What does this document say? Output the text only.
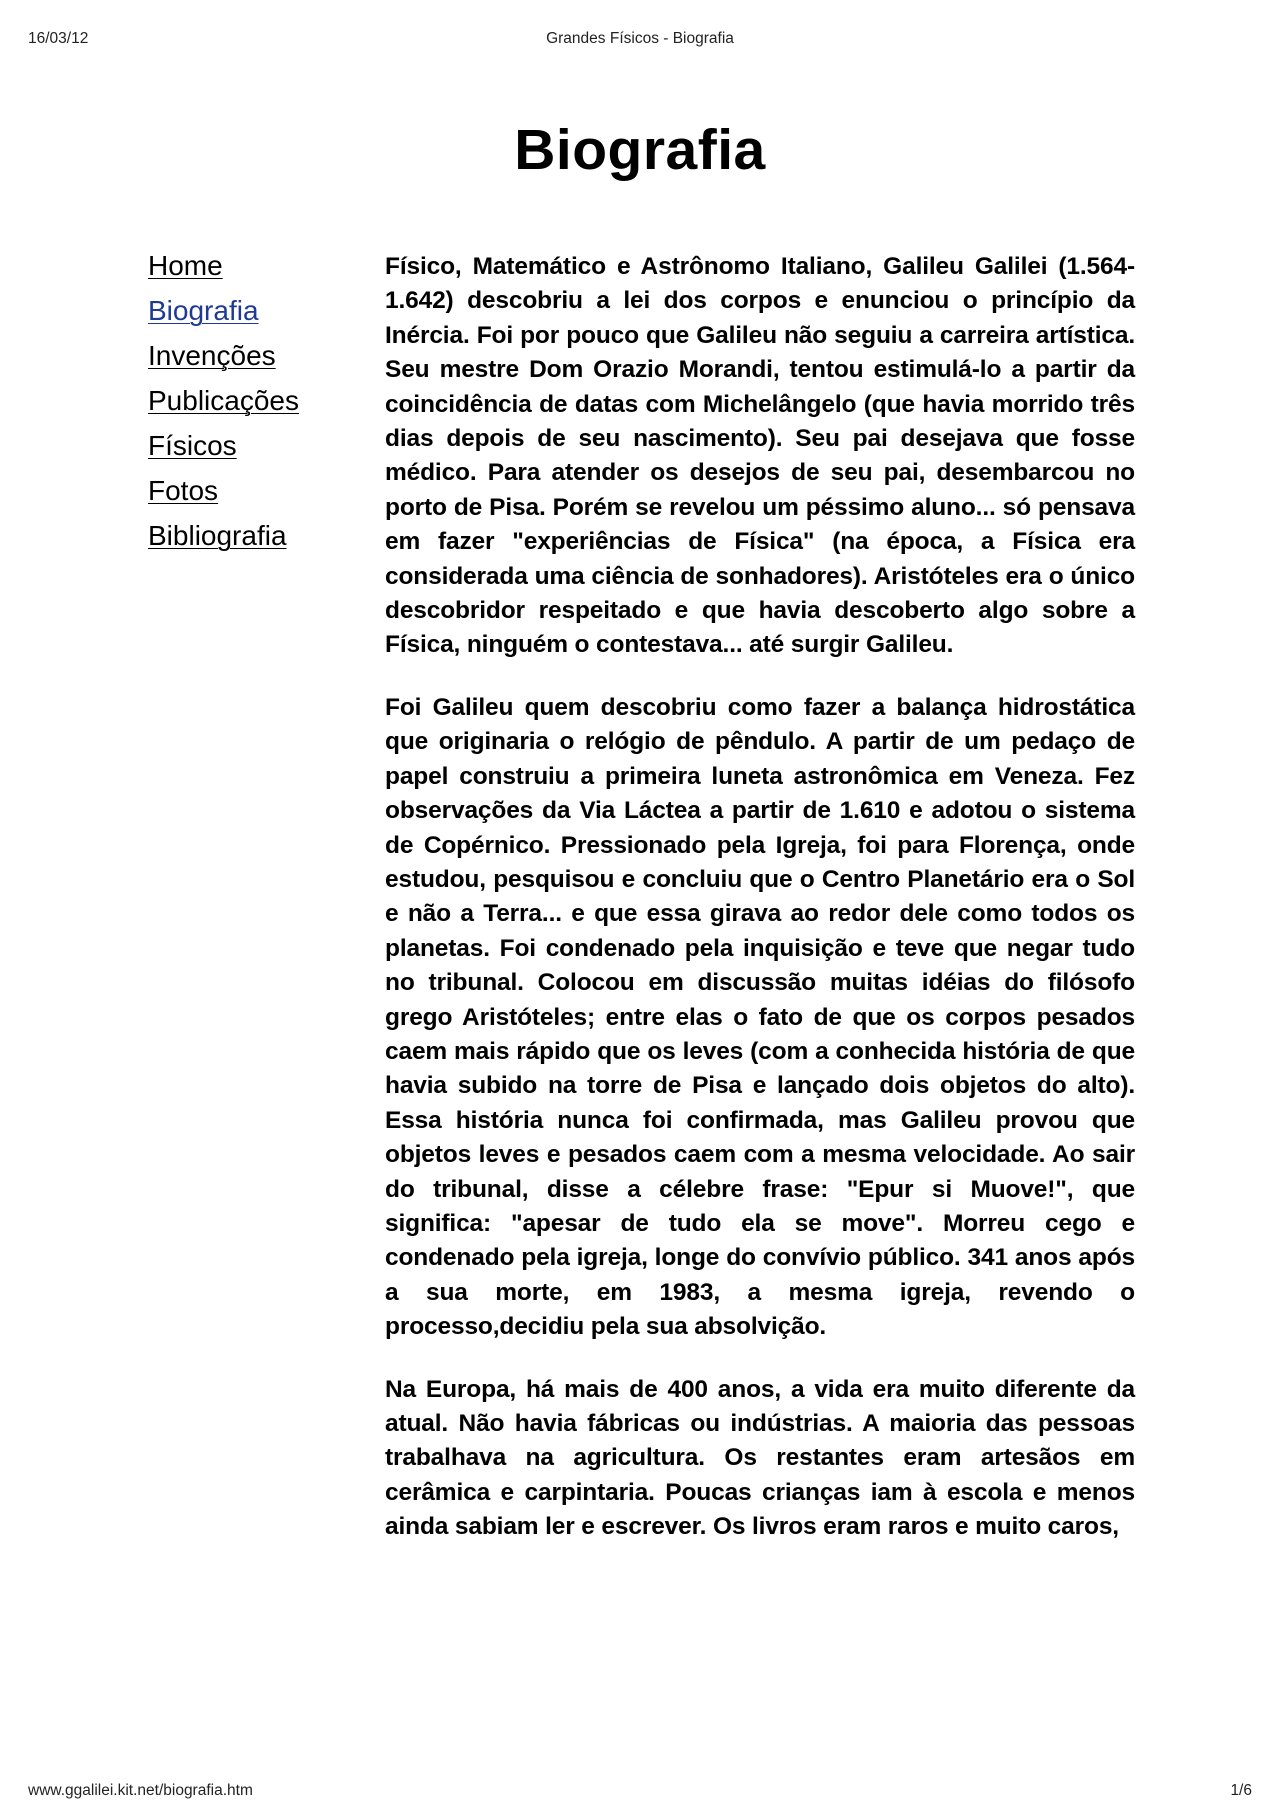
16/03/12	Grandes Físicos - Biografia
Biografia
Home
Biografia
Invenções
Publicações
Físicos
Fotos
Bibliografia

Físico, Matemático e Astrônomo Italiano, Galileu Galilei (1.564-1.642) descobriu a lei dos corpos e enunciou o princípio da Inércia. Foi por pouco que Galileu não seguiu a carreira artística. Seu mestre Dom Orazio Morandi, tentou estimulá-lo a partir da coincidência de datas com Michelângelo (que havia morrido três dias depois de seu nascimento). Seu pai desejava que fosse médico. Para atender os desejos de seu pai, desembarcou no porto de Pisa. Porém se revelou um péssimo aluno... só pensava em fazer "experiências de Física" (na época, a Física era considerada uma ciência de sonhadores). Aristóteles era o único descobridor respeitado e que havia descoberto algo sobre a Física, ninguém o contestava... até surgir Galileu.

Foi Galileu quem descobriu como fazer a balança hidrostática que originaria o relógio de pêndulo. A partir de um pedaço de papel construiu a primeira luneta astronômica em Veneza. Fez observações da Via Láctea a partir de 1.610 e adotou o sistema de Copérnico. Pressionado pela Igreja, foi para Florença, onde estudou, pesquisou e concluiu que o Centro Planetário era o Sol e não a Terra... e que essa girava ao redor dele como todos os planetas. Foi condenado pela inquisição e teve que negar tudo no tribunal. Colocou em discussão muitas idéias do filósofo grego Aristóteles; entre elas o fato de que os corpos pesados caem mais rápido que os leves (com a conhecida história de que havia subido na torre de Pisa e lançado dois objetos do alto). Essa história nunca foi confirmada, mas Galileu provou que objetos leves e pesados caem com a mesma velocidade. Ao sair do tribunal, disse a célebre frase: "Epur si Muove!", que significa: "apesar de tudo ela se move". Morreu cego e condenado pela igreja, longe do convívio público. 341 anos após a sua morte, em 1983, a mesma igreja, revendo o processo,decidiu pela sua absolvição.

Na Europa, há mais de 400 anos, a vida era muito diferente da atual. Não havia fábricas ou indústrias. A maioria das pessoas trabalhava na agricultura. Os restantes eram artesãos em cerâmica e carpintaria. Poucas crianças iam à escola e menos ainda sabiam ler e escrever. Os livros eram raros e muito caros,

www.ggalilei.kit.net/biografia.htm	1/6
